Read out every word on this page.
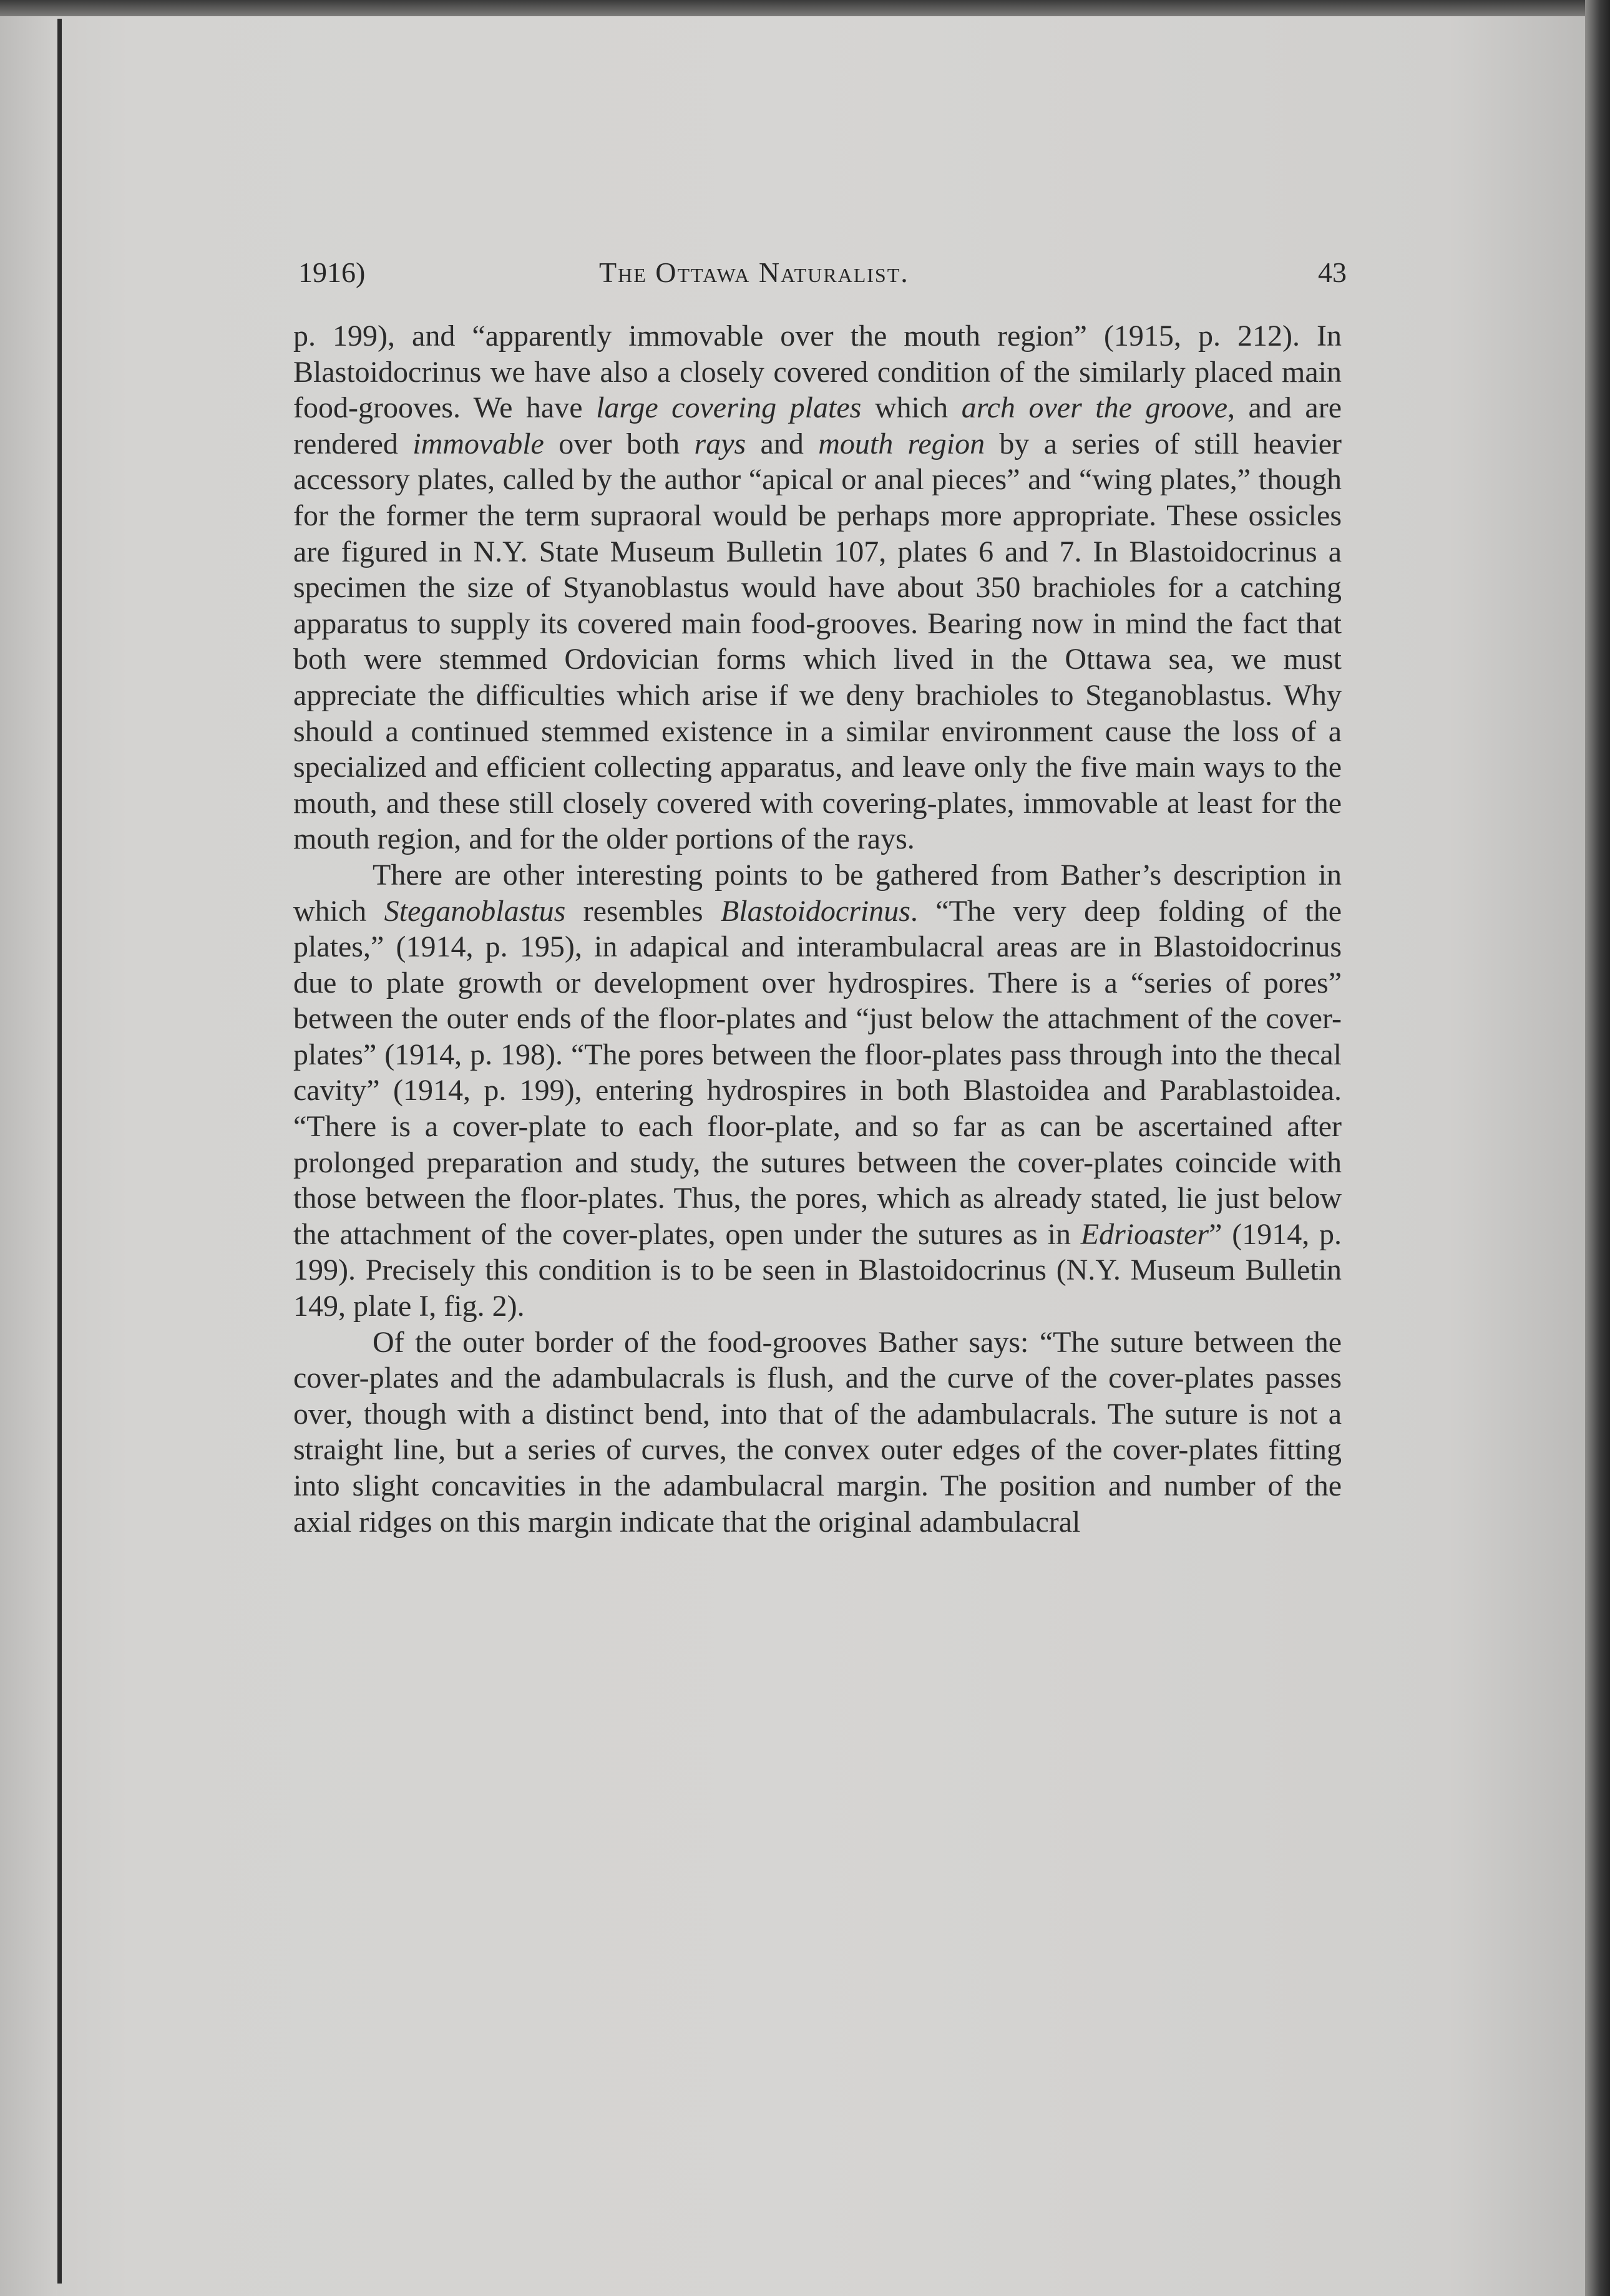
1916)	The Ottawa Naturalist.	43

p. 199), and “apparently immovable over the mouth region” (1915, p. 212). In Blastoidocrinus we have also a closely covered condition of the similarly placed main food-grooves. We have large covering plates which arch over the groove, and are rendered immovable over both rays and mouth region by a series of still heavier accessory plates, called by the author “apical or anal pieces” and “wing plates,” though for the former the term supraoral would be perhaps more appropriate. These ossicles are figured in N.Y. State Museum Bulletin 107, plates 6 and 7. In Blastoidocrinus a specimen the size of Styanoblastus would have about 350 brachioles for a catching apparatus to supply its covered main food-grooves. Bearing now in mind the fact that both were stemmed Ordovician forms which lived in the Ottawa sea, we must appreciate the difficulties which arise if we deny brachioles to Steganoblastus. Why should a continued stemmed existence in a similar environment cause the loss of a specialized and efficient collecting apparatus, and leave only the five main ways to the mouth, and these still closely covered with covering-plates, immovable at least for the mouth region, and for the older portions of the rays.

There are other interesting points to be gathered from Bather’s description in which Steganoblastus resembles Blastoidocrinus. “The very deep folding of the plates,” (1914, p. 195), in adapical and interambulacral areas are in Blastoidocrinus due to plate growth or development over hydrospires. There is a “series of pores” between the outer ends of the floor-plates and “just below the attachment of the cover-plates” (1914, p. 198). “The pores between the floor-plates pass through into the thecal cavity” (1914, p. 199), entering hydrospires in both Blastoidea and Parablastoidea. “There is a cover-plate to each floor-plate, and so far as can be ascertained after prolonged preparation and study, the sutures between the cover-plates coincide with those between the floor-plates. Thus, the pores, which as already stated, lie just below the attachment of the cover-plates, open under the sutures as in Edrioaster” (1914, p. 199). Precisely this condition is to be seen in Blastoidocrinus (N.Y. Museum Bulletin 149, plate I, fig. 2).

Of the outer border of the food-grooves Bather says: “The suture between the cover-plates and the adambulacrals is flush, and the curve of the cover-plates passes over, though with a distinct bend, into that of the adambulacrals. The suture is not a straight line, but a series of curves, the convex outer edges of the cover-plates fitting into slight concavities in the adambulacral margin. The position and number of the axial ridges on this margin indicate that the original adambulacral
